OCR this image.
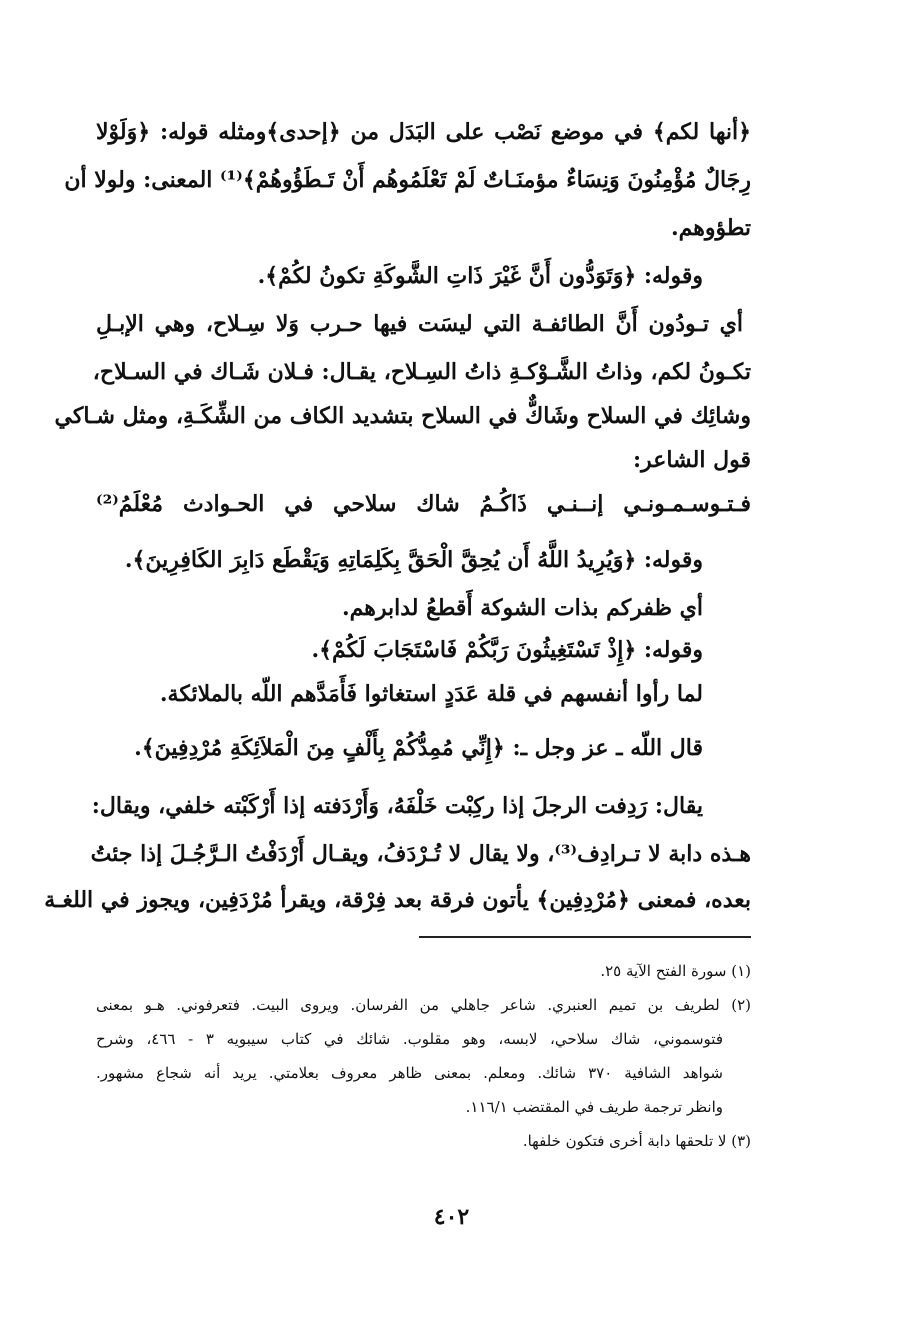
﴿أنها لكم﴾ في موضع نَصْب على البَدَل من ﴿إحدى﴾ومثله قوله: ﴿وَلَوْلا
رِجَالٌ مُؤْمِنُونَ وَنِسَاءٌ مؤمنَـاتٌ لَمْ تَعْلَمُوهُم أَنْ تَـطَؤُوهُمْ﴾⁽¹⁾ المعنى: ولولا أن
تطؤوهم.
وقوله: ﴿وَتَوَدُّون أَنَّ غَيْرَ ذَاتِ الشَّوكَةِ تكونُ لكُمْ﴾.
أي تـودُون أَنَّ الطائفـة التي ليسَت فيها حـرب وَلا سِـلاح، وهي الإبـلِ
تكـونُ لكم، وذاتُ الشَّـوْكـةِ ذاتُ السِـلاح، يقـال: فـلان شَـاك في السـلاح،
وشائِك في السلاح وشَاكٌّ في السلاح بتشديد الكاف من الشِّكَـةِ، ومثل شـاكي
قول الشاعر:
فـتـوسـمـونـي إنــنـي ذَاكُـمُ شاك سلاحي في الحـوادث مُعْلَمُ⁽²⁾
وقوله: ﴿وَيُرِيدُ اللَّهُ أَن يُحِقَّ الْحَقَّ بِكَلِمَاتِهِ وَيَقْطَع دَابِرَ الكَافِرِينَ﴾.
أي ظفركم بذات الشوكة أَقطعُ لدابرهم.
وقوله: ﴿إِذْ تَسْتَغِيثُونَ رَبَّكُمْ فَاسْتَجَابَ لَكُمْ﴾.
لما رأوا أنفسهم في قلة عَدَدٍ استغاثوا فَأَمَدَّهم اللّه بالملائكة.
قال اللّه ـ عز وجل ـ: ﴿إِنِّي مُمِدُّكُمْ بِأَلْفٍ مِنَ الْمَلاَئِكَةِ مُرْدِفِينَ﴾.
يقال: رَدِفت الرجلَ إذا ركِبْت خَلْفَهُ، وَأَرْدَفته إذا أَرْكَبْته خلفي، ويقال:
هـذه دابة لا تـرادِف⁽³⁾، ولا يقال لا تُـرْدَفُ، ويقـال أَرْدَفْتُ الـرَّجُـلَ إذا جئتُ
بعده، فمعنى ﴿مُرْدِفِين﴾ يأتون فرقة بعد فِرْقة، ويقرأ مُرْدَفِين، ويجوز في اللغـة
(١) سورة الفتح الآية ٢٥.
(٢) لطريف بن تميم العنبري. شاعر جاهلي من الفرسان. ويروى البيت. فتعرفوني. هـو بمعنى
فتوسموني، شاك سلاحي، لابسه، وهو مقلوب. شائك في كتاب سيبويه ٣ - ٤٦٦، وشرح
شواهد الشافية ٣٧٠ شائك. ومعلم. بمعنى ظاهر معروف بعلامتي. يريد أنه شجاع مشهور.
وانظر ترجمة طريف في المقتضب ١١٦/١.
(٣) لا تلحقها دابة أخرى فتكون خلفها.
٤٠٢
